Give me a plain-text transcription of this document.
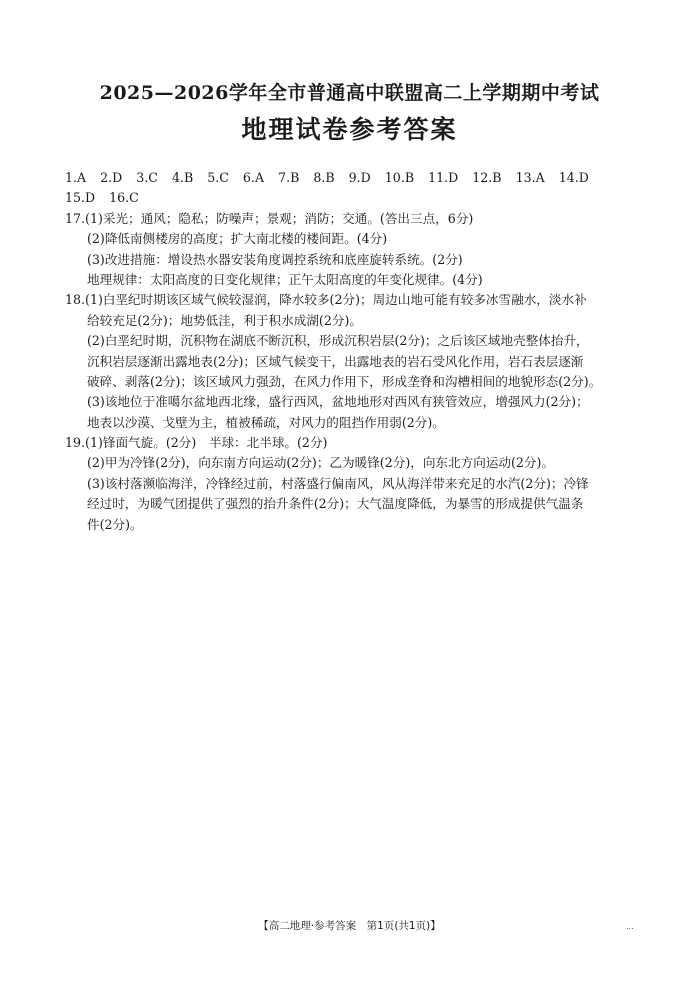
2025—2026学年全市普通高中联盟高二上学期期中考试
地理试卷参考答案
1.A 2.D 3.C 4.B 5.C 6.A 7.B 8.B 9.D 10.B 11.D 12.B 13.A 14.D
15.D 16.C
17.(1)采光；通风；隐私；防噪声；景观；消防；交通。(答出三点，6分)
(2)降低南侧楼房的高度；扩大南北楼的楼间距。(4分)
(3)改进措施：增设热水器安装角度调控系统和底座旋转系统。(2分)
地理规律：太阳高度的日变化规律；正午太阳高度的年变化规律。(4分)
18.(1)白垩纪时期该区域气候较湿润，降水较多(2分)；周边山地可能有较多冰雪融水，淡水补
给较充足(2分)；地势低洼，利于积水成湖(2分)。
(2)白垩纪时期，沉积物在湖底不断沉积，形成沉积岩层(2分)；之后该区域地壳整体抬升，
沉积岩层逐渐出露地表(2分)；区域气候变干，出露地表的岩石受风化作用，岩石表层逐渐
破碎、剥落(2分)；该区域风力强劲，在风力作用下，形成垄脊和沟槽相间的地貌形态(2分)。
(3)该地位于准噶尔盆地西北缘，盛行西风，盆地地形对西风有狭管效应，增强风力(2分)；
地表以沙漠、戈壁为主，植被稀疏，对风力的阻挡作用弱(2分)。
19.(1)锋面气旋。(2分)　半球：北半球。(2分)
(2)甲为冷锋(2分)，向东南方向运动(2分)；乙为暖锋(2分)，向东北方向运动(2分)。
(3)该村落濒临海洋，冷锋经过前，村落盛行偏南风，风从海洋带来充足的水汽(2分)；冷锋
经过时，为暖气团提供了强烈的抬升条件(2分)；大气温度降低，为暴雪的形成提供气温条
件(2分)。
【高二地理·参考答案　第1页(共1页)】	...
